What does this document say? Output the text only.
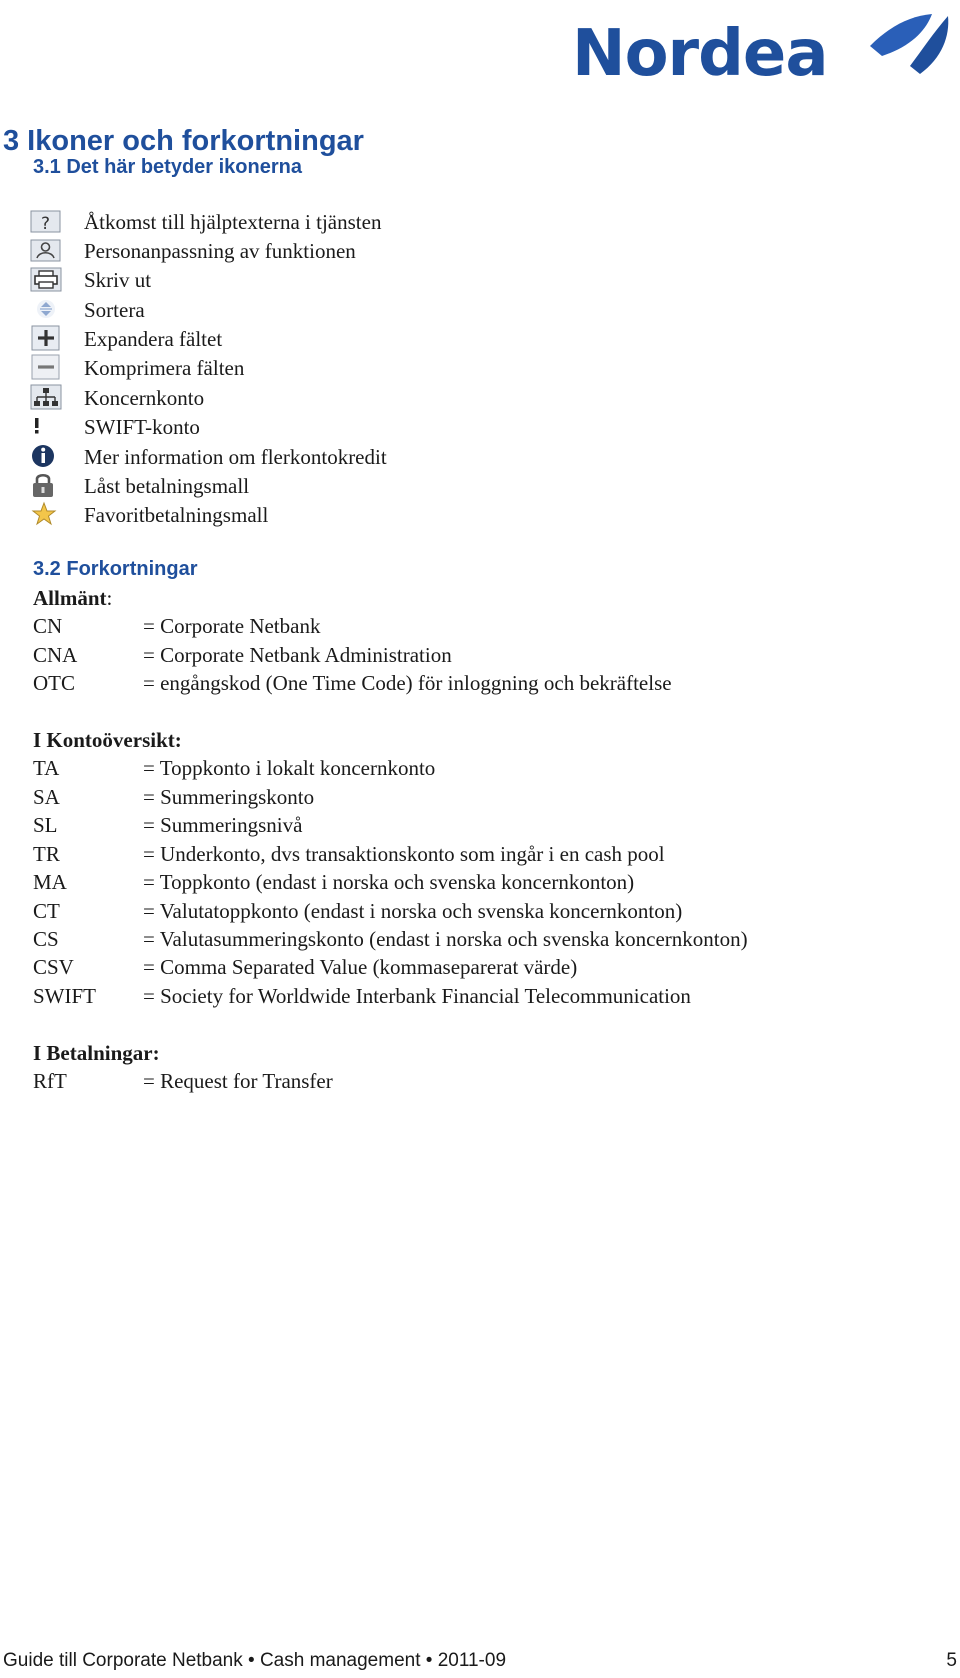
Nordea
3 Ikoner och forkortningar
3.1 Det här betyder ikonerna
? Åtkomst till hjälptexterna i tjänsten
Personanpassning av funktionen
Skriv ut
Sortera
Expandera fältet
Komprimera fälten
Koncernkonto
SWIFT-konto
Mer information om flerkontokredit
Låst betalningsmall
Favoritbetalningsmall
3.2 Forkortningar
Allmänt:
CN	= Corporate Netbank
CNA	= Corporate Netbank Administration
OTC	= engångskod (One Time Code) för inloggning och bekräftelse
I Kontoöversikt:
TA	= Toppkonto i lokalt koncernkonto
SA	= Summeringskonto
SL	= Summeringsnivå
TR	= Underkonto, dvs transaktionskonto som ingår i en cash pool
MA	= Toppkonto (endast i norska och svenska koncernkonton)
CT	= Valutatoppkonto (endast i norska och svenska koncernkonton)
CS	= Valutasummeringskonto (endast i norska och svenska koncernkonton)
CSV	= Comma Separated Value (kommaseparerat värde)
SWIFT = Society for Worldwide Interbank Financial Telecommunication
I Betalningar:
RfT	= Request for Transfer
Guide till Corporate Netbank • Cash management • 2011-09	5
